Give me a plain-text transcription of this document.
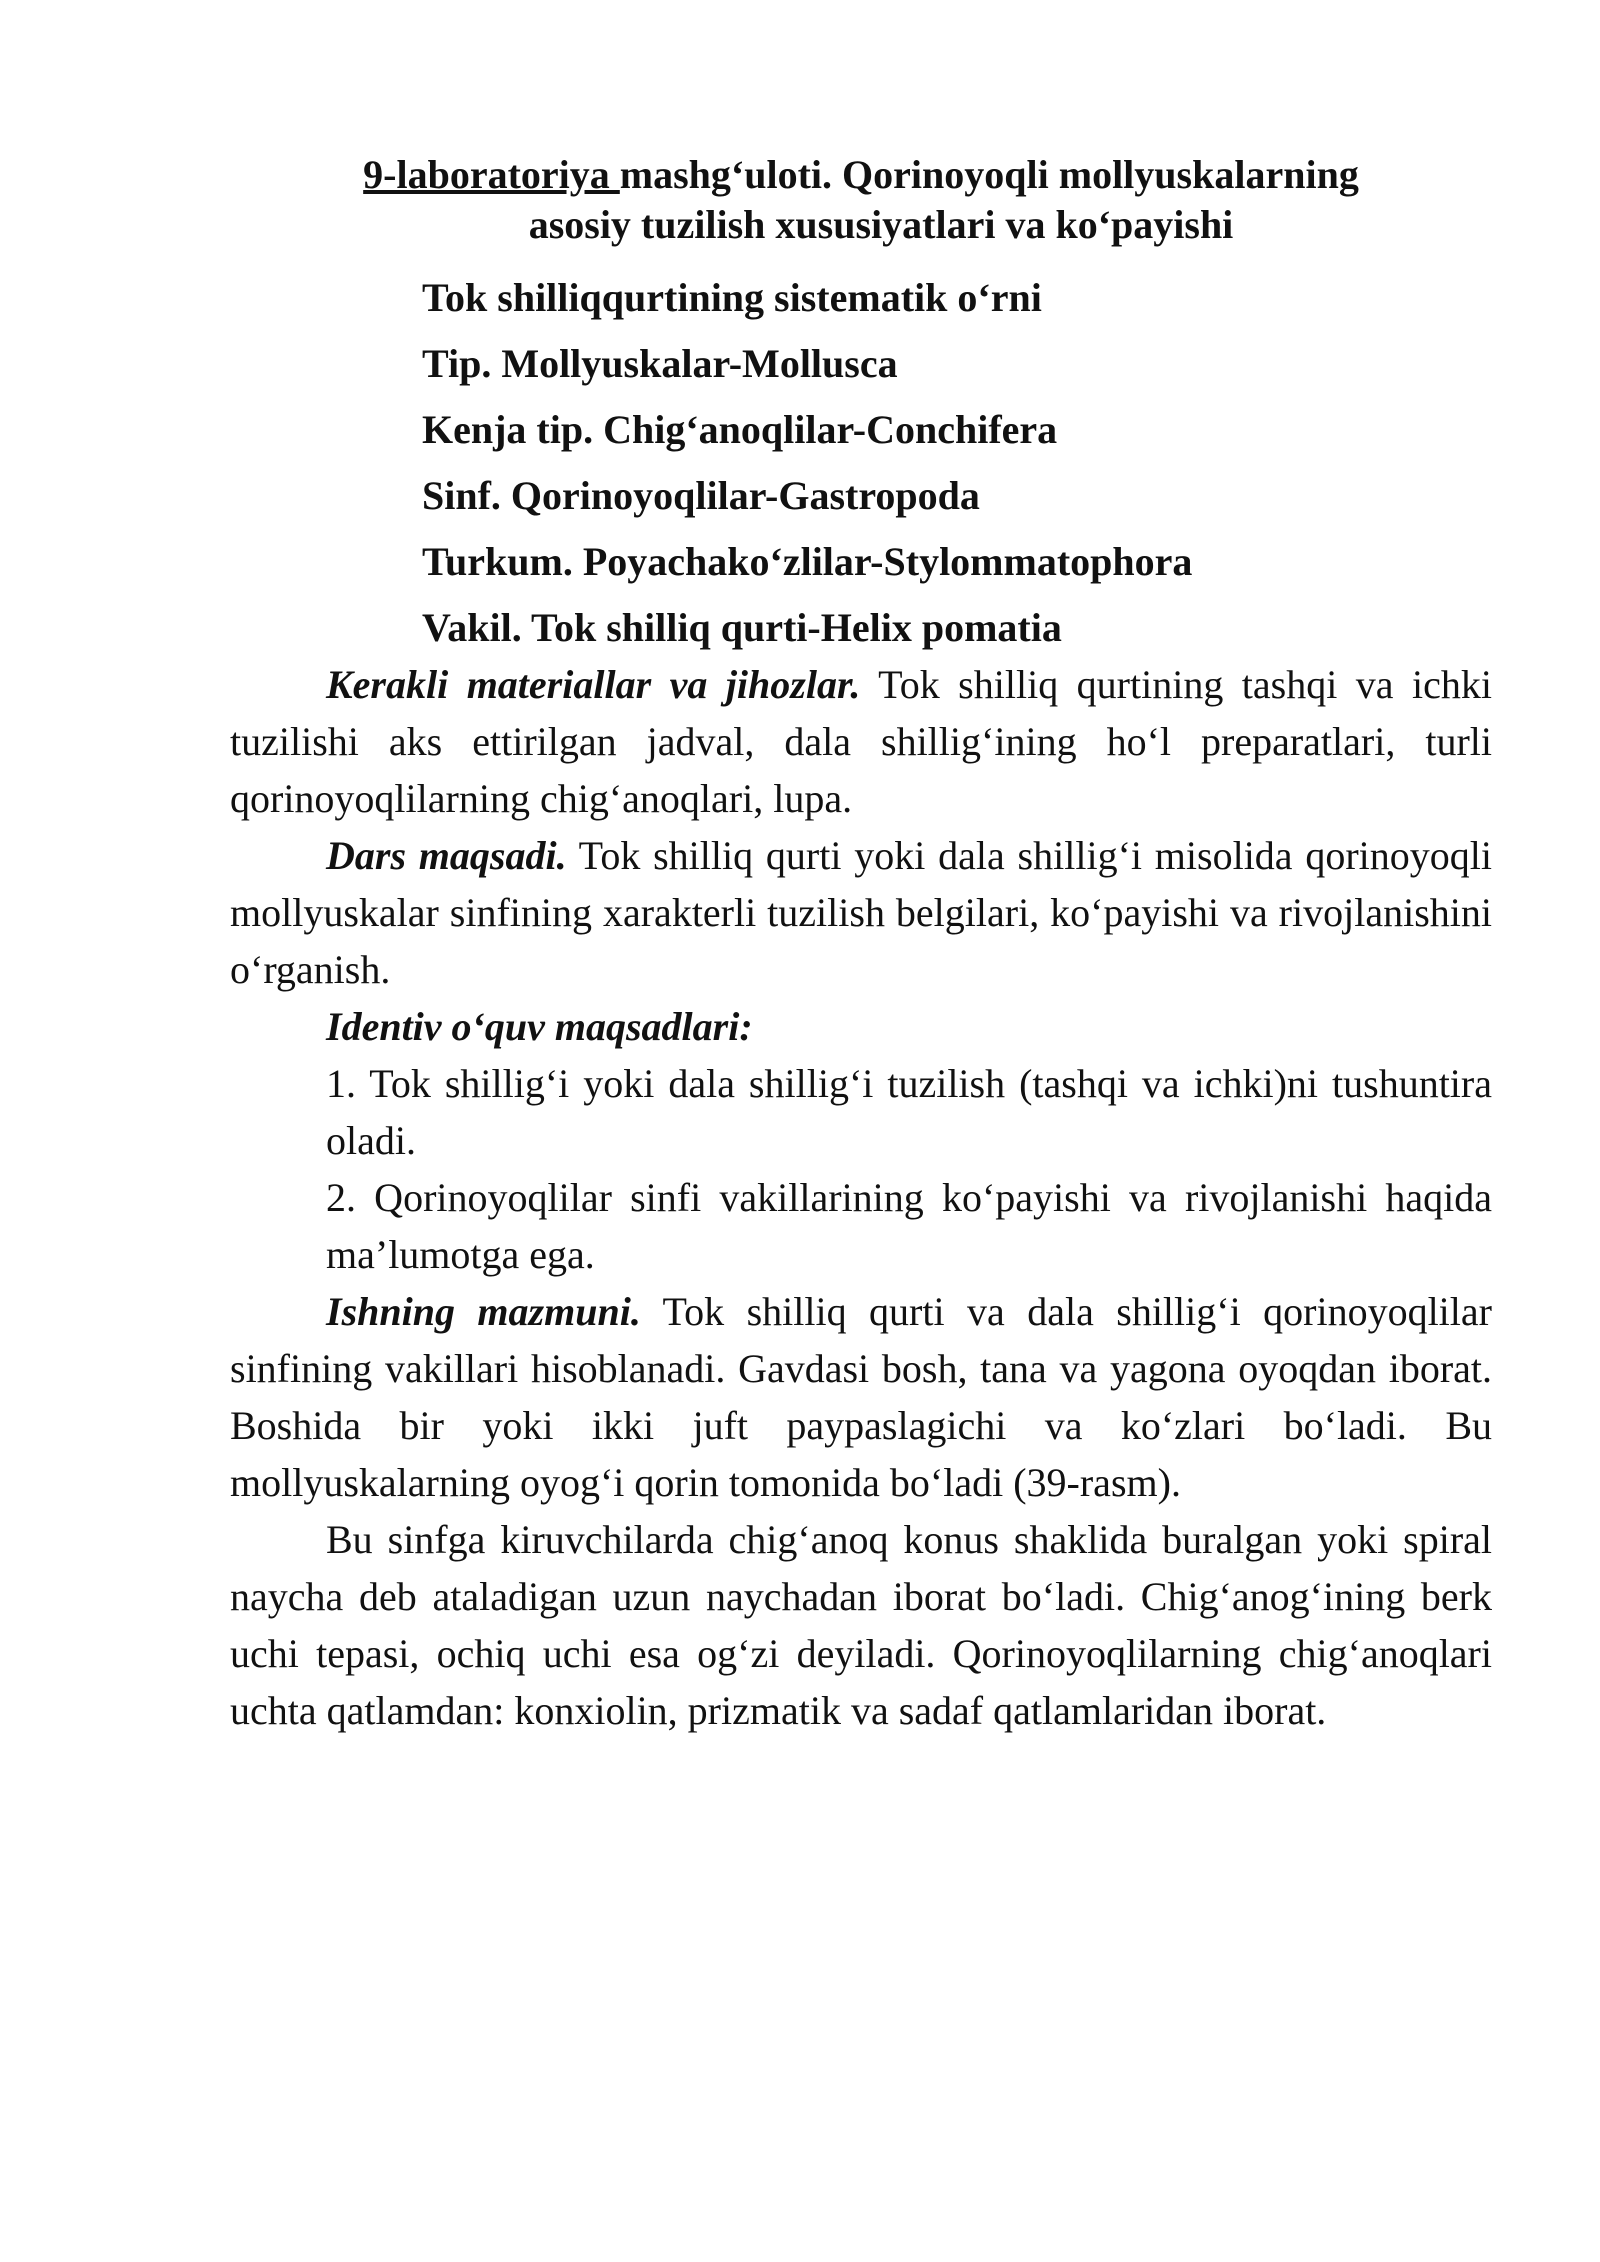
9-laboratoriya mashg‘uloti. Qorinoyoqli mollyuskalarning
asosiy tuzilish xususiyatlari va ko‘payishi
Tok shilliqqurtining sistematik o‘rni
Tip. Mollyuskalar-Mollusca
Kenja tip. Chig‘anoqlilar-Conchifera
Sinf. Qorinoyoqlilar-Gastropoda
Turkum. Poyachako‘zlilar-Stylommatophora
Vakil. Tok shilliq qurti-Helix pomatia

Kerakli materiallar va jihozlar. Tok shilliq qurtining tashqi va ichki tuzilishi aks ettirilgan jadval, dala shillig‘ining ho‘l preparatlari, turli qorinoyoqlilarning chig‘anoqlari, lupa.

Dars maqsadi. Tok shilliq qurti yoki dala shillig‘i misolida qorinoyoqli mollyuskalar sinfining xarakterli tuzilish belgilari, ko‘payishi va rivojlanishini o‘rganish.

Identiv o‘quv maqsadlari:

1. Tok shillig‘i yoki dala shillig‘i tuzilish (tashqi va ichki)ni tushuntira oladi.

2. Qorinoyoqlilar sinfi vakillarining ko‘payishi va rivojlanishi haqida ma’lumotga ega.

Ishning mazmuni. Tok shilliq qurti va dala shillig‘i qorinoyoqlilar sinfining vakillari hisoblanadi. Gavdasi bosh, tana va yagona oyoqdan iborat. Boshida bir yoki ikki juft paypaslagichi va ko‘zlari bo‘ladi. Bu mollyuskalarning oyog‘i qorin tomonida bo‘ladi (39-rasm).

Bu sinfga kiruvchilarda chig‘anoq konus shaklida buralgan yoki spiral naycha deb ataladigan uzun naychadan iborat bo‘ladi. Chig‘anog‘ining berk uchi tepasi, ochiq uchi esa og‘zi deyiladi. Qorinoyoqlilarning chig‘anoqlari uchta qatlamdan: konxiolin, prizmatik va sadaf qatlamlaridan iborat.
